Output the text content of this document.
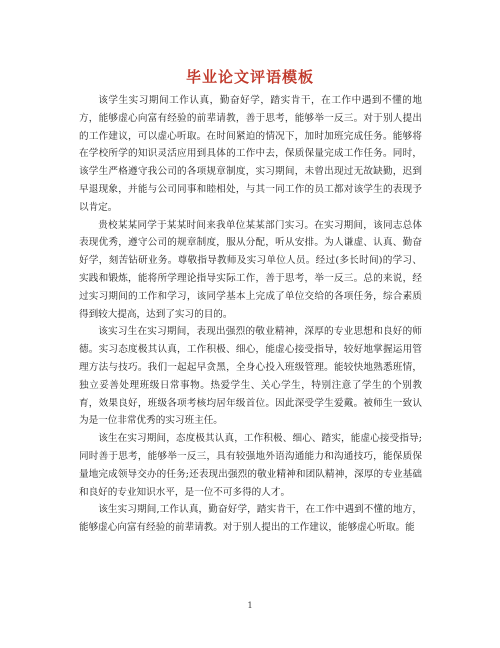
毕业论文评语模板

该学生实习期间工作认真，勤奋好学，踏实肯干，在工作中遇到不懂的地方，能够虚心向富有经验的前辈请教，善于思考，能够举一反三。对于别人提出的工作建议，可以虚心听取。在时间紧迫的情况下，加时加班完成任务。能够将在学校所学的知识灵活应用到具体的工作中去，保质保量完成工作任务。同时，该学生严格遵守我公司的各项规章制度，实习期间，未曾出现过无故缺勤，迟到早退现象，并能与公司同事和睦相处，与其一同工作的员工都对该学生的表现予以肯定。

贵校某某同学于某某时间来我单位某某部门实习。在实习期间，该同志总体表现优秀，遵守公司的规章制度，服从分配，听从安排。为人谦虚、认真、勤奋好学，刻苦钻研业务。尊敬指导教师及实习单位人员。经过(多长时间)的学习、实践和锻炼，能将所学理论指导实际工作，善于思考，举一反三。总的来说，经过实习期间的工作和学习，该同学基本上完成了单位交给的各项任务，综合素质得到较大提高，达到了实习的目的。

该实习生在实习期间，表现出强烈的敬业精神，深厚的专业思想和良好的师德。实习态度极其认真，工作积极、细心，能虚心接受指导，较好地掌握运用管理方法与技巧。我们一起起早贪黑，全身心投入班级管理。能较快地熟悉班情，独立妥善处理班级日常事物。热爱学生、关心学生，特别注意了学生的个别教育，效果良好，班级各项考核均居年级首位。因此深受学生爱戴。被师生一致认为是一位非常优秀的实习班主任。

该生在实习期间，态度极其认真，工作积极、细心、踏实，能虚心接受指导;同时善于思考，能够举一反三，具有较强地外语沟通能力和沟通技巧，能保质保量地完成领导交办的任务;还表现出强烈的敬业精神和团队精神，深厚的专业基础和良好的专业知识水平，是一位不可多得的人才。

该生实习期间,工作认真，勤奋好学，踏实肯干，在工作中遇到不懂的地方，能够虚心向富有经验的前辈请教。对于别人提出的工作建议，能够虚心听取。能

1
